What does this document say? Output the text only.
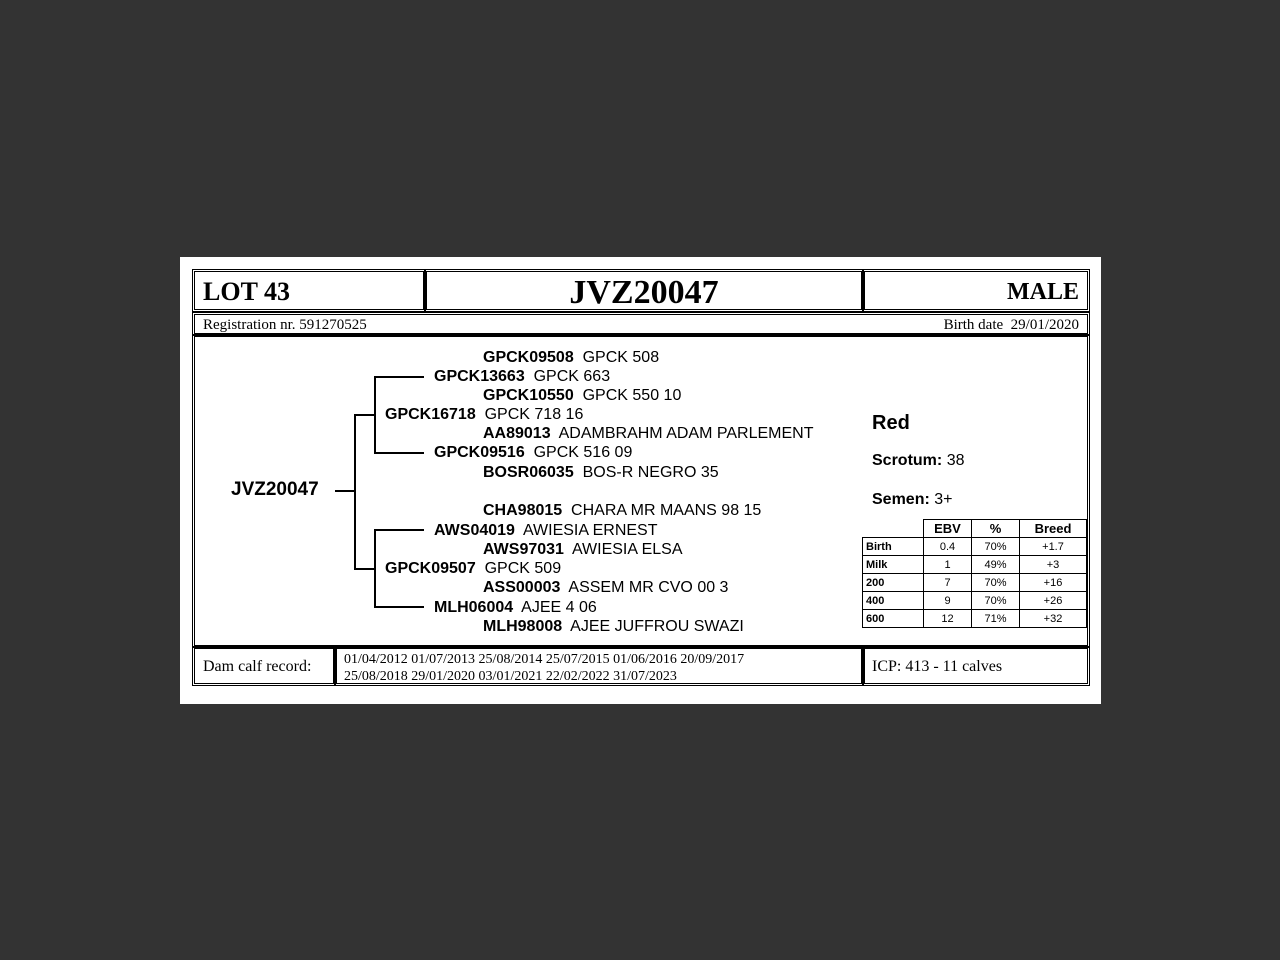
LOT 43	JVZ20047	MALE
Registration nr. 591270525	Birth date 29/01/2020
JVZ20047
GPCK09508 GPCK 508
GPCK13663 GPCK 663
GPCK10550 GPCK 550 10
GPCK16718 GPCK 718 16
AA89013 ADAMBRAHM ADAM PARLEMENT
GPCK09516 GPCK 516 09
BOSR06035 BOS-R NEGRO 35
CHA98015 CHARA MR MAANS 98 15
AWS04019 AWIESIA ERNEST
AWS97031 AWIESIA ELSA
GPCK09507 GPCK 509
ASS00003 ASSEM MR CVO 00 3
MLH06004 AJEE 4 06
MLH98008 AJEE JUFFROU SWAZI
Red
Scrotum: 38
Semen: 3+
	EBV	%	Breed
Birth	0.4	70%	+1.7
Milk	1	49%	+3
200	7	70%	+16
400	9	70%	+26
600	12	71%	+32
Dam calf record: 01/04/2012 01/07/2013 25/08/2014 25/07/2015 01/06/2016 20/09/2017
25/08/2018 29/01/2020 03/01/2021 22/02/2022 31/07/2023
ICP: 413 - 11 calves
